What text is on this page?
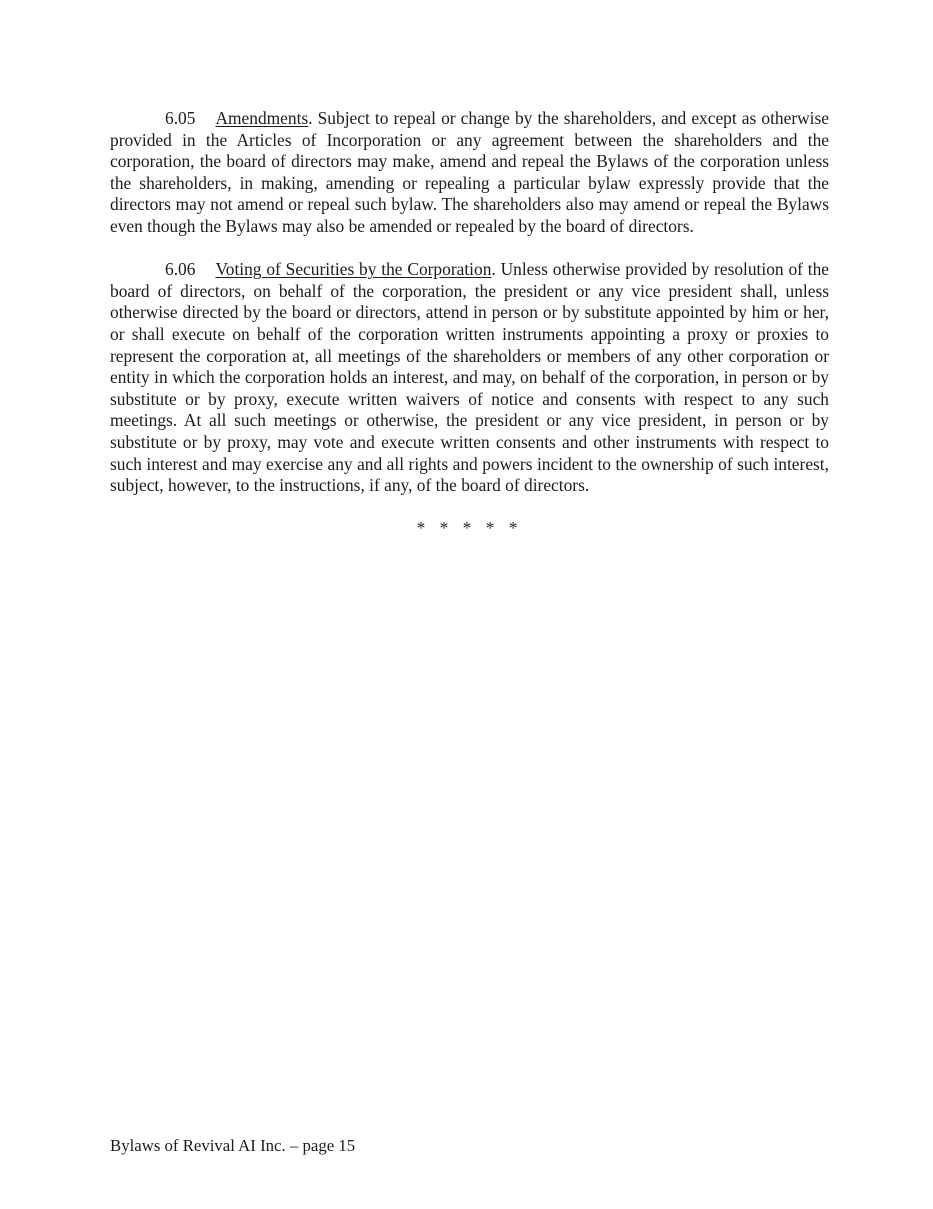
6.05 Amendments. Subject to repeal or change by the shareholders, and except as otherwise provided in the Articles of Incorporation or any agreement between the shareholders and the corporation, the board of directors may make, amend and repeal the Bylaws of the corporation unless the shareholders, in making, amending or repealing a particular bylaw expressly provide that the directors may not amend or repeal such bylaw. The shareholders also may amend or repeal the Bylaws even though the Bylaws may also be amended or repealed by the board of directors.

6.06 Voting of Securities by the Corporation. Unless otherwise provided by resolution of the board of directors, on behalf of the corporation, the president or any vice president shall, unless otherwise directed by the board or directors, attend in person or by substitute appointed by him or her, or shall execute on behalf of the corporation written instruments appointing a proxy or proxies to represent the corporation at, all meetings of the shareholders or members of any other corporation or entity in which the corporation holds an interest, and may, on behalf of the corporation, in person or by substitute or by proxy, execute written waivers of notice and consents with respect to any such meetings. At all such meetings or otherwise, the president or any vice president, in person or by substitute or by proxy, may vote and execute written consents and other instruments with respect to such interest and may exercise any and all rights and powers incident to the ownership of such interest, subject, however, to the instructions, if any, of the board of directors.

* * * * *
Bylaws of Revival AI Inc. – page 15
